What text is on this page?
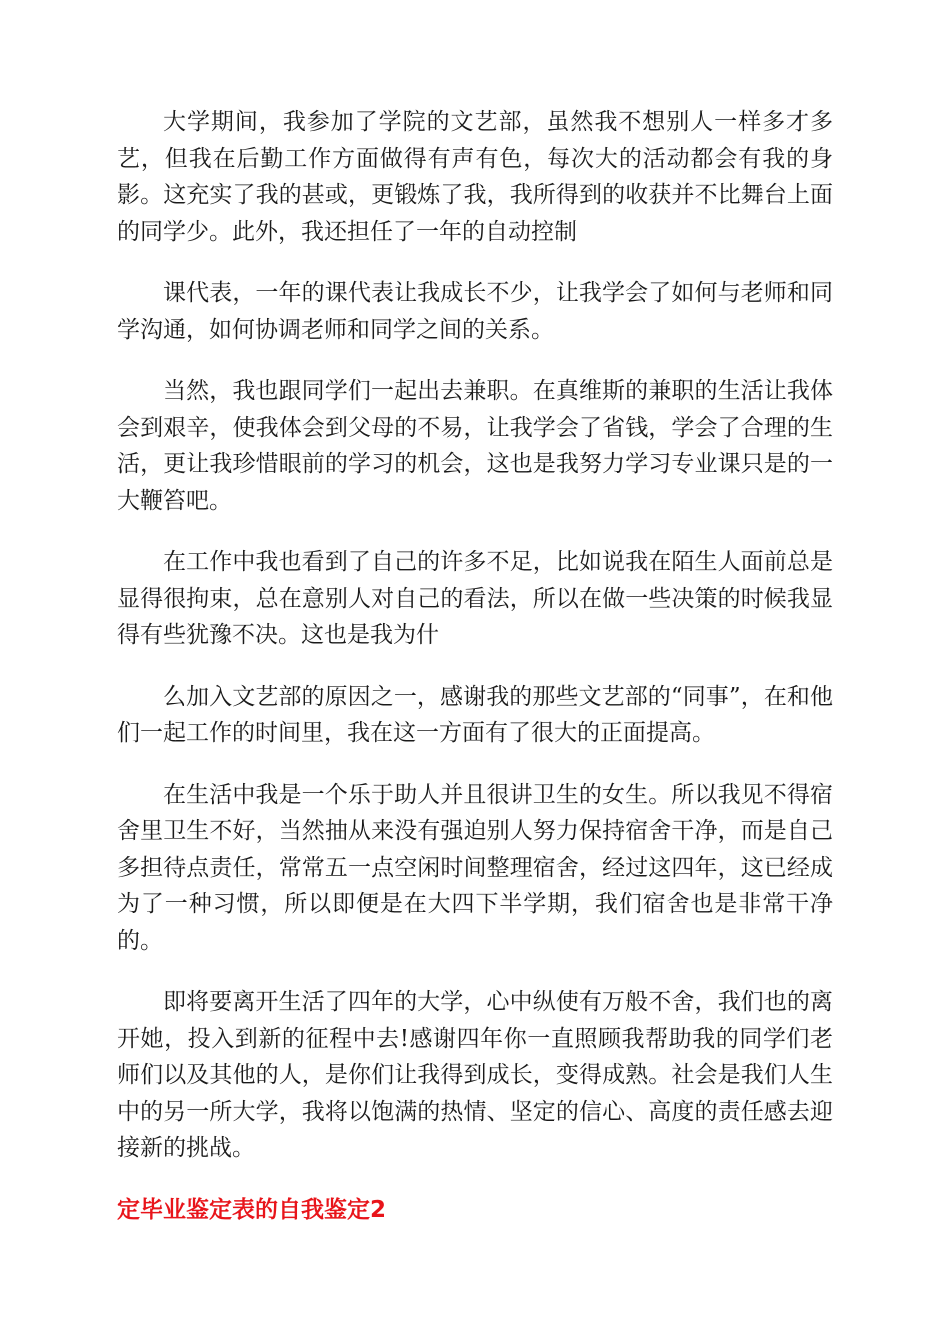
大学期间，我参加了学院的文艺部，虽然我不想别人一样多才多艺，但我在后勤工作方面做得有声有色，每次大的活动都会有我的身影。这充实了我的甚或，更锻炼了我，我所得到的收获并不比舞台上面的同学少。此外，我还担任了一年的自动控制

课代表，一年的课代表让我成长不少，让我学会了如何与老师和同学沟通，如何协调老师和同学之间的关系。

当然，我也跟同学们一起出去兼职。在真维斯的兼职的生活让我体会到艰辛，使我体会到父母的不易，让我学会了省钱，学会了合理的生活，更让我珍惜眼前的学习的机会，这也是我努力学习专业课只是的一大鞭笞吧。

在工作中我也看到了自己的许多不足，比如说我在陌生人面前总是显得很拘束，总在意别人对自己的看法，所以在做一些决策的时候我显得有些犹豫不决。这也是我为什

么加入文艺部的原因之一，感谢我的那些文艺部的“同事”，在和他们一起工作的时间里，我在这一方面有了很大的正面提高。

在生活中我是一个乐于助人并且很讲卫生的女生。所以我见不得宿舍里卫生不好，当然抽从来没有强迫别人努力保持宿舍干净，而是自己多担待点责任，常常五一点空闲时间整理宿舍，经过这四年，这已经成为了一种习惯，所以即便是在大四下半学期，我们宿舍也是非常干净的。

即将要离开生活了四年的大学，心中纵使有万般不舍，我们也的离开她，投入到新的征程中去!感谢四年你一直照顾我帮助我的同学们老师们以及其他的人，是你们让我得到成长，变得成熟。社会是我们人生中的另一所大学，我将以饱满的热情、坚定的信心、高度的责任感去迎接新的挑战。

定毕业鉴定表的自我鉴定2
